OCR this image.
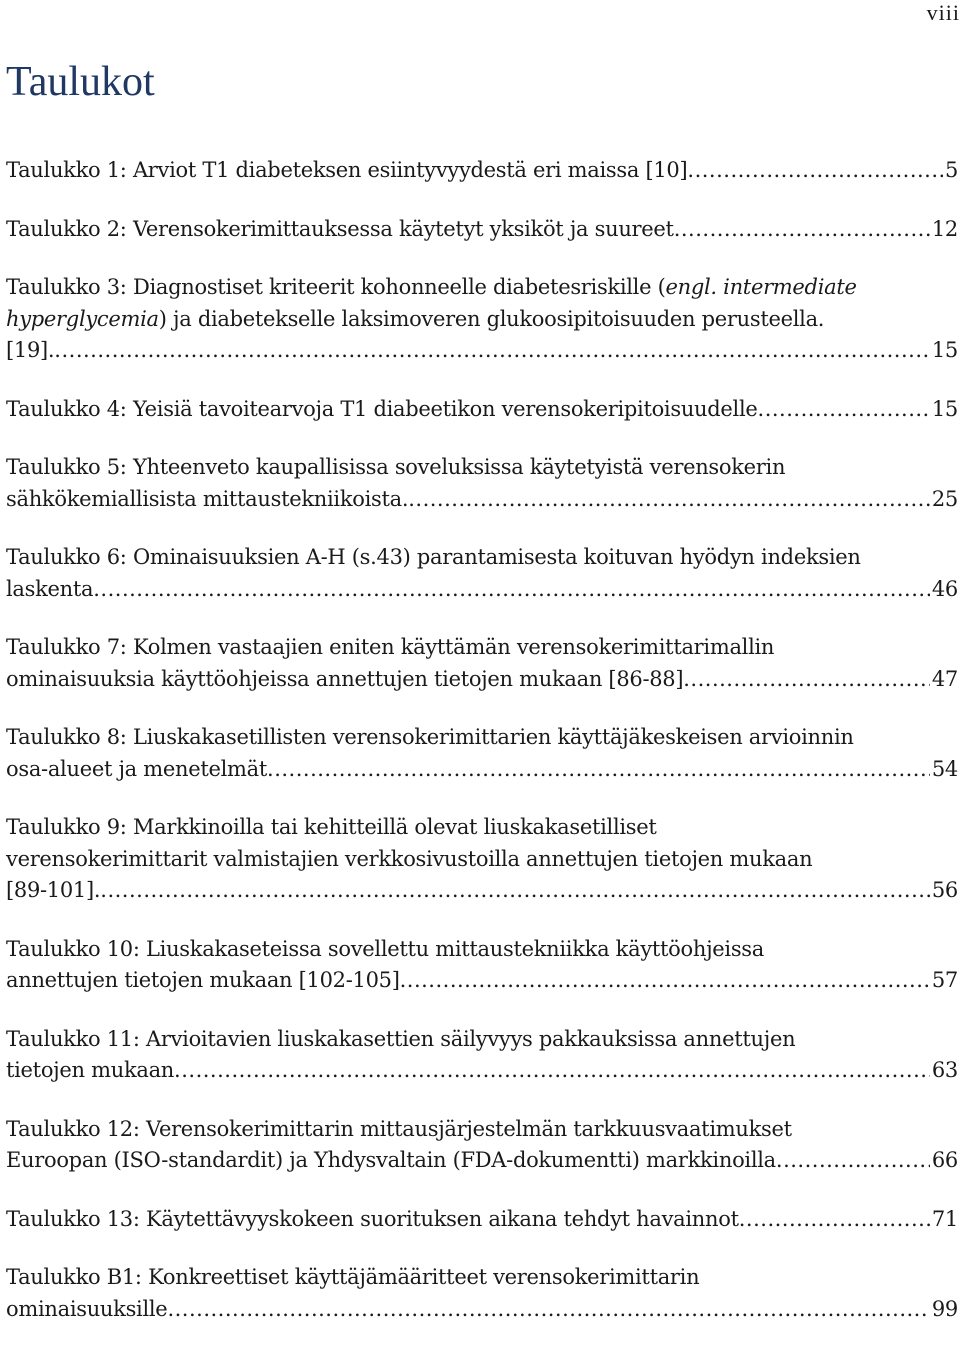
viii
Taulukot
Taulukko 1: Arviot T1 diabeteksen esiintyvyydestä eri maissa [10] .....	5
Taulukko 2: Verensokerimittauksessa käytetyt yksiköt ja suureet .....	12
Taulukko 3: Diagnostiset kriteerit kohonneelle diabetesriskille (engl. intermediate
hyperglycemia) ja diabetekselle laksimoveren glukoosipitoisuuden perusteella.
[19]. .....	15
Taulukko 4: Yeisiä tavoitearvoja T1 diabeetikon verensokeripitoisuudelle .....	15
Taulukko 5: Yhteenveto kaupallisissa soveluksissa käytetyistä verensokerin
sähkökemiallisista mittaustekniikoista. .....	25
Taulukko 6: Ominaisuuksien A-H (s.43) parantamisesta koituvan hyödyn indeksien
laskenta .....	46
Taulukko 7: Kolmen vastaajien eniten käyttämän verensokerimittarimallin
ominaisuuksia käyttöohjeissa annettujen tietojen mukaan [86-88] .....	47
Taulukko 8: Liuskakasetillisten verensokerimittarien käyttäjäkeskeisen arvioinnin
osa-alueet ja menetelmät .....	54
Taulukko 9: Markkinoilla tai kehitteillä olevat liuskakasetilliset
verensokerimittarit valmistajien verkkosivustoilla annettujen tietojen mukaan
[89-101]. .....	56
Taulukko 10: Liuskakaseteissa sovellettu mittaustekniikka käyttöohjeissa
annettujen tietojen mukaan [102-105] .....	57
Taulukko 11: Arvioitavien liuskakasettien säilyvyys pakkauksissa annettujen
tietojen mukaan .....	63
Taulukko 12: Verensokerimittarin mittausjärjestelmän tarkkuusvaatimukset
Euroopan (ISO-standardit) ja Yhdysvaltain (FDA-dokumentti) markkinoilla .....	66
Taulukko 13: Käytettävyyskokeen suorituksen aikana tehdyt havainnot .....	71
Taulukko B1: Konkreettiset käyttäjämääritteet verensokerimittarin
ominaisuuksille .....	99
